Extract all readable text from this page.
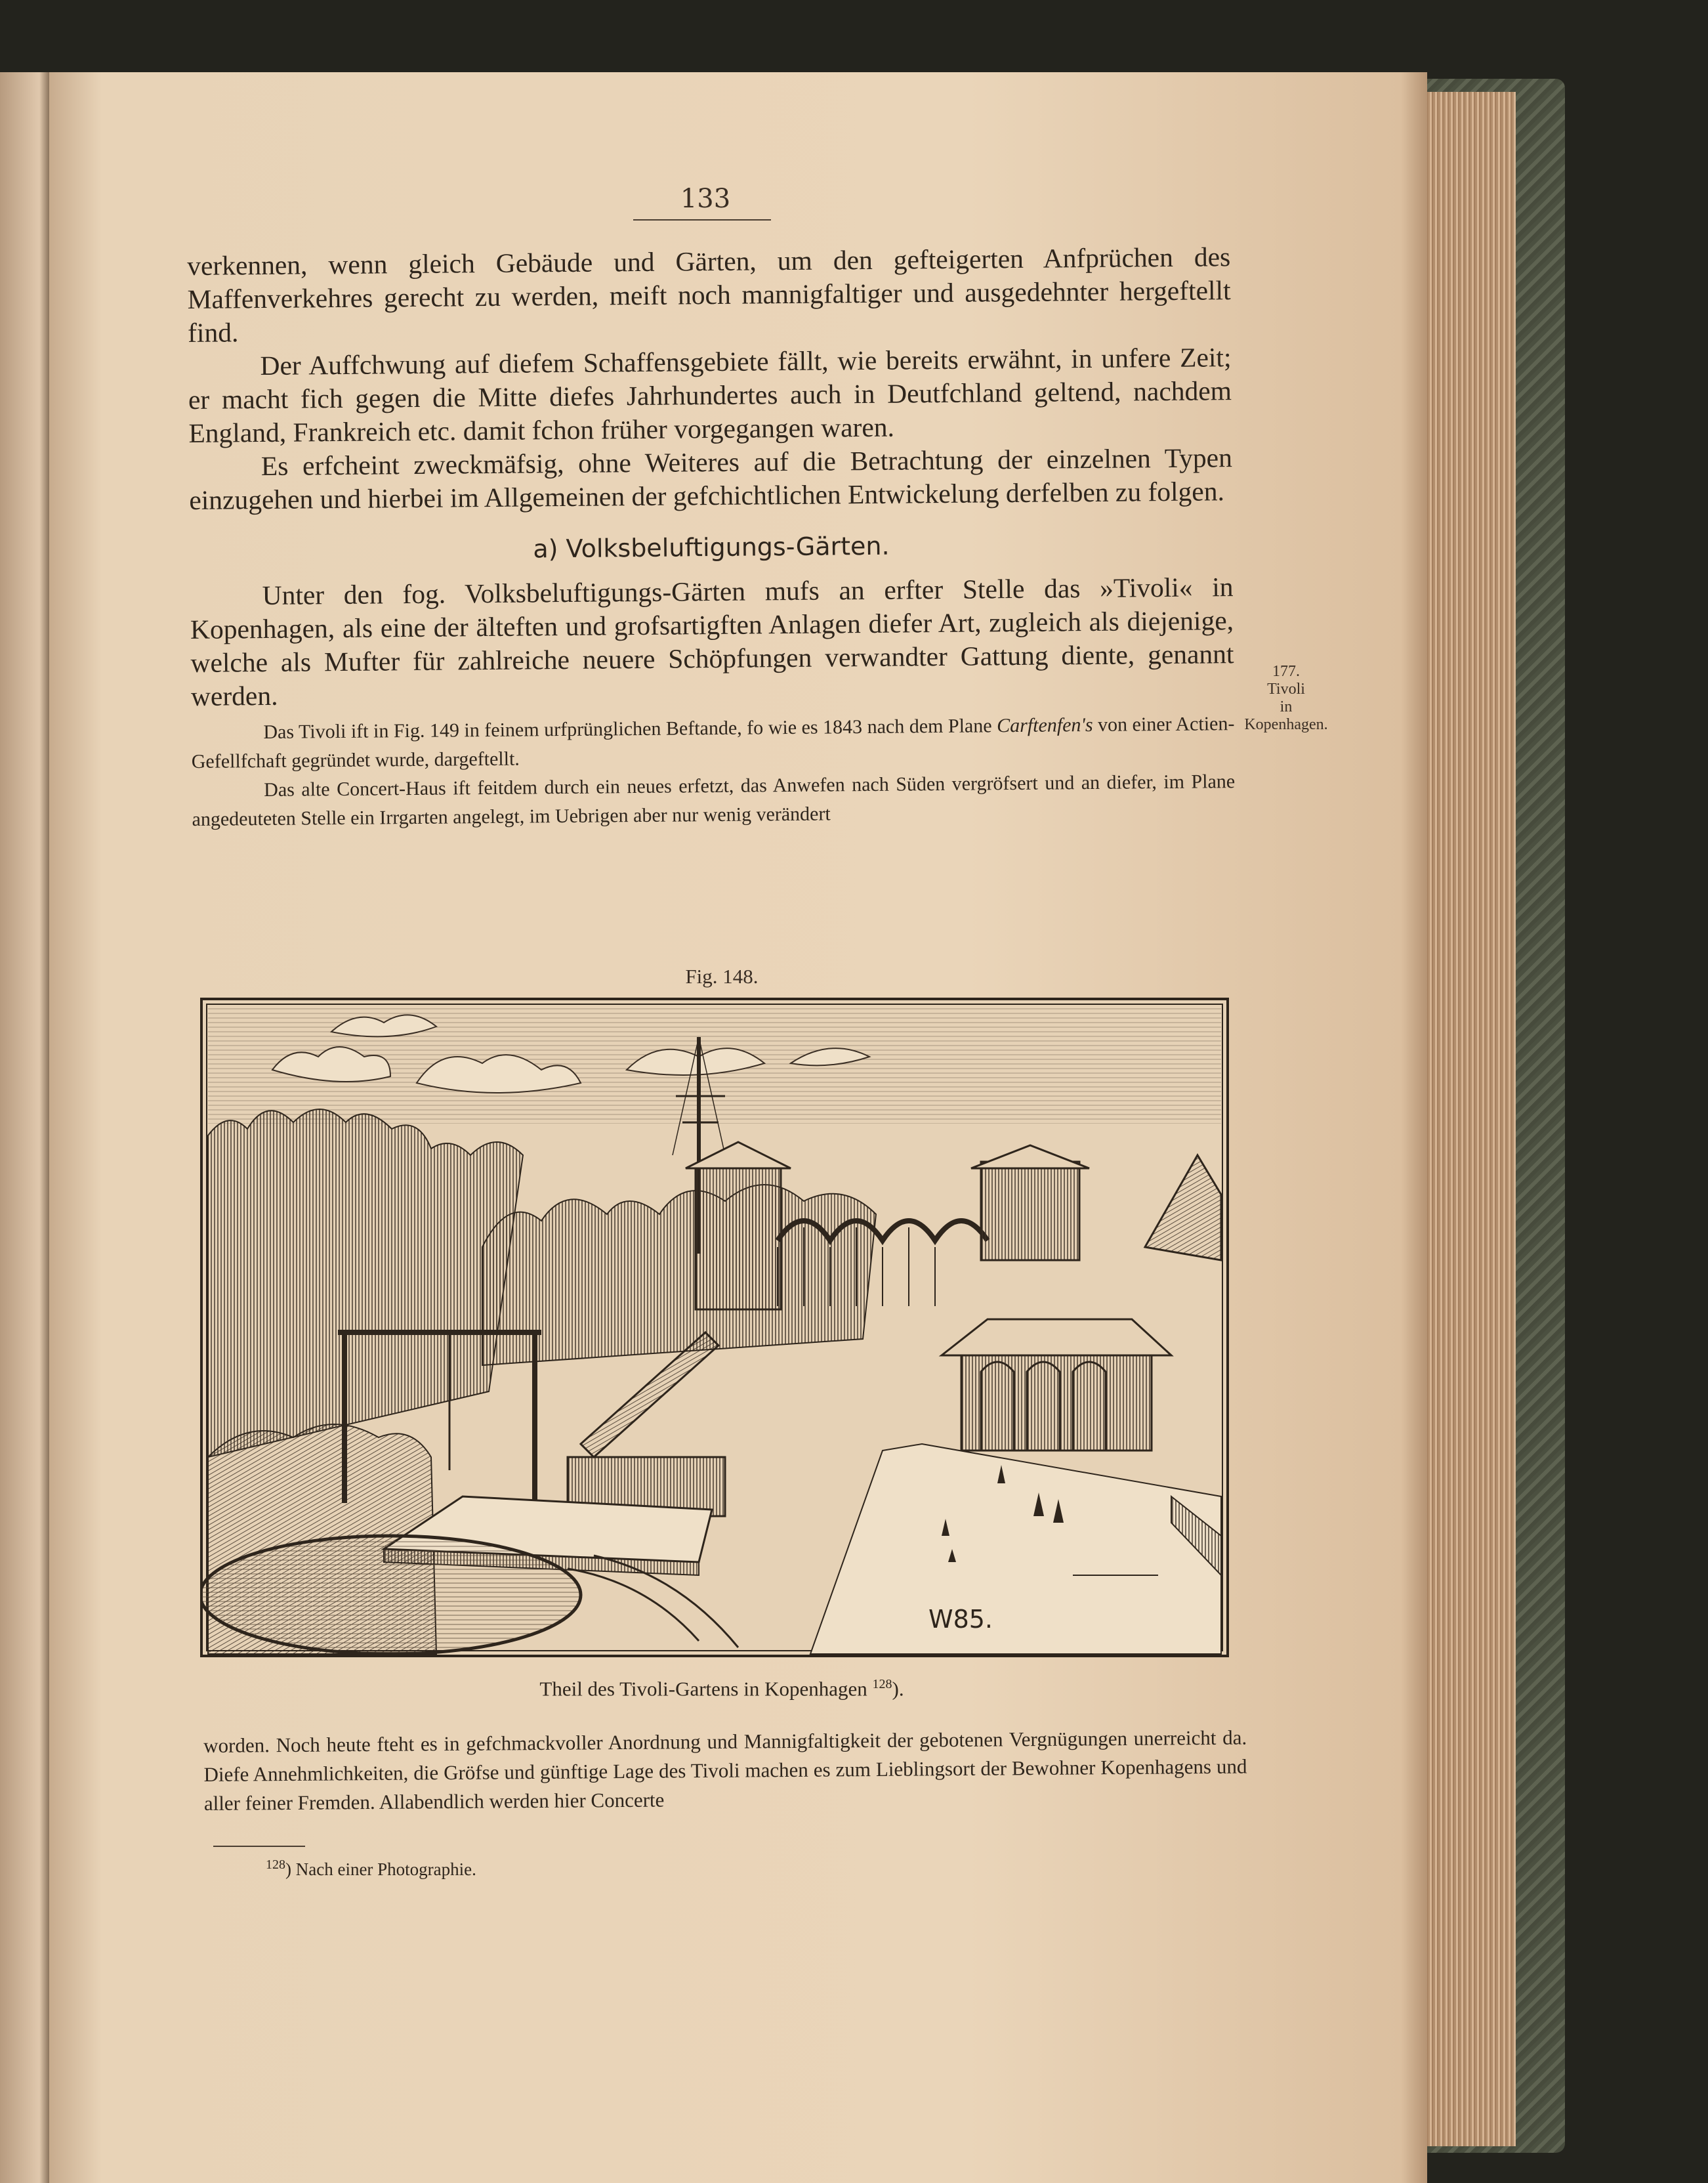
133

verkennen, wenn gleich Gebäude und Gärten, um den gefteigerten Anfprüchen des Maffenverkehres gerecht zu werden, meift noch mannigfaltiger und ausgedehnter hergeftellt find.

Der Auffchwung auf diefem Schaffensgebiete fällt, wie bereits erwähnt, in unfere Zeit; er macht fich gegen die Mitte diefes Jahrhundertes auch in Deutfchland geltend, nachdem England, Frankreich etc. damit fchon früher vorgegangen waren.

Es erfcheint zweckmäfsig, ohne Weiteres auf die Betrachtung der einzelnen Typen einzugehen und hierbei im Allgemeinen der gefchichtlichen Entwickelung derfelben zu folgen.

a) Volksbeluftigungs-Gärten.

Unter den fog. Volksbeluftigungs-Gärten mufs an erfter Stelle das »Tivoli« in Kopenhagen, als eine der älteften und grofsartigften Anlagen diefer Art, zugleich als diejenige, welche als Mufter für zahlreiche neuere Schöpfungen verwandter Gattung diente, genannt werden.

Das Tivoli ift in Fig. 149 in feinem urfprünglichen Beftande, fo wie es 1843 nach dem Plane Carftenfen's von einer Actien-Gefellfchaft gegründet wurde, dargeftellt.

Das alte Concert-Haus ift feitdem durch ein neues erfetzt, das Anwefen nach Süden vergröfsert und an diefer, im Plane angedeuteten Stelle ein Irrgarten angelegt, im Uebrigen aber nur wenig verändert

177.
Tivoli
in
Kopenhagen.
Fig. 148.
W85.
Theil des Tivoli-Gartens in Kopenhagen $^{128}$).

worden. Noch heute fteht es in gefchmackvoller Anordnung und Mannigfaltigkeit der gebotenen Vergnügungen unerreicht da. Diefe Annehmlichkeiten, die Gröfse und günftige Lage des Tivoli machen es zum Lieblingsort der Bewohner Kopenhagens und aller feiner Fremden. Allabendlich werden hier Concerte

$^{128}$) Nach einer Photographie.
